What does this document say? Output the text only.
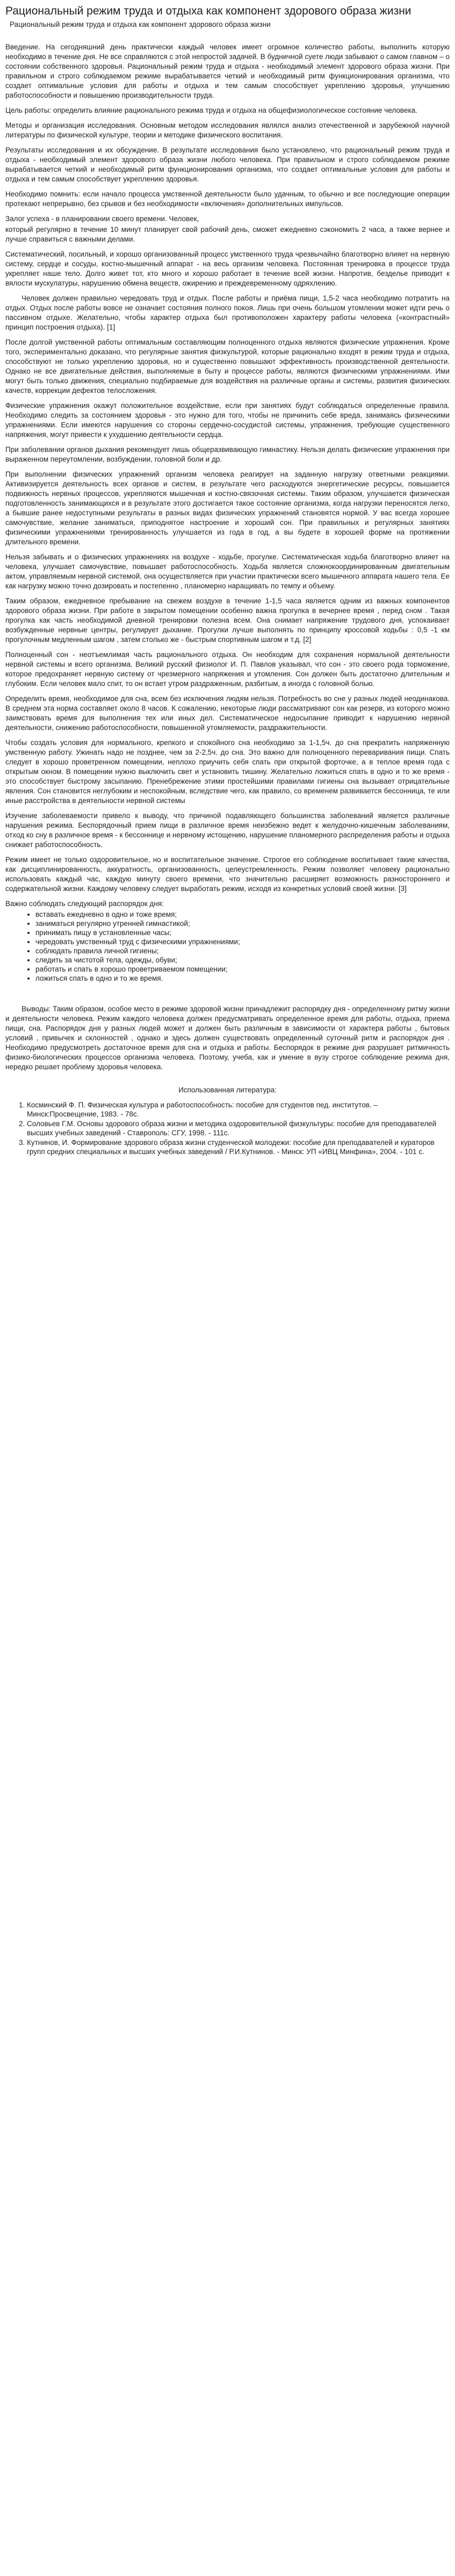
Рациональный режим труда и отдыха как компонент здорового образа жизни
Рациональный режим труда и отдыха как компонент здорового образа жизни

Введение. На сегодняшний день практически каждый человек имеет огромное количество работы, выполнить которую необходимо в течение дня. Не все справляются с этой непростой задачей. В будничной суете люди забывают о самом главном – о состоянии собственного здоровья. Рациональный режим труда и отдыха - необходимый элемент здорового образа жизни. При правильном и строго соблюдаемом режиме вырабатывается четкий и необходимый ритм функционирования организма, что создает оптимальные условия для работы и отдыха и тем самым способствует укреплению здоровья, улучшению работоспособности и повышению производительности труда.

Цель работы: определить влияние рационального режима труда и отдыха на общефизиологическое состояние человека.

Методы и организация исследования. Основным методом исследования являлся анализ отечественной и зарубежной научной литературы по физической культуре, теории и методике физического воспитания.

Результаты исследования и их обсуждение. В результате исследования было установлено, что рациональный режим труда и отдыха - необходимый элемент здорового образа жизни любого человека. При правильном и строго соблюдаемом режиме вырабатывается четкий и необходимый ритм функционирования организма, что создает оптимальные условия для работы и отдыха и тем самым способствует укреплению здоровья.

Необходимо помнить: если начало процесса умственной деятельности было удачным, то обычно и все последующие операции протекают непрерывно, без срывов и без необходимости «включения» дополнительных импульсов.

Залог успеха - в планировании своего времени. Человек,

который регулярно в течение 10 минут планирует свой рабочий день, сможет ежедневно сэкономить 2 часа, а также вернее и лучше справиться с важными делами.

Систематический, посильный, и хорошо организованный процесс умственного труда чрезвычайно благотворно влияет на нервную систему, сердце и сосуды, костно-мышечный аппарат - на весь организм человека. Постоянная тренировка в процессе труда укрепляет наше тело. Долго живет тот, кто много и хорошо работает в течение всей жизни. Напротив, безделье приводит к вялости мускулатуры, нарушению обмена веществ, ожирению и преждевременному одряхлению.

Человек должен правильно чередовать труд и отдых. После работы и приёма пищи, 1,5-2 часа необходимо потратить на отдых. Отдых после работы вовсе не означает состояния полного покоя. Лишь при очень большом утомлении может идти речь о пассивном отдыхе. Желательно, чтобы характер отдыха был противоположен характеру работы человека («контрастный» принцип построения отдыха). [1]

После долгой умственной работы оптимальным составляющим полноценного отдыха являются физические упражнения. Кроме того, экспериментально доказано, что регулярные занятия физкультурой, которые рационально входят в режим труда и отдыха, способствуют не только укреплению здоровья, но и существенно повышают эффективность производственной деятельности. Однако не все двигательные действия, выполняемые в быту и процессе работы, являются физическими упражнениями. Ими могут быть только движения, специально подбираемые для воздействия на различные органы и системы, развития физических качеств, коррекции дефектов телосложения.

Физические упражнения окажут положительное воздействие, если при занятиях будут соблюдаться определенные правила. Необходимо следить за состоянием здоровья - это нужно для того, чтобы не причинить себе вреда, занимаясь физическими упражнениями. Если имеются нарушения со стороны сердечно-сосудистой системы, упражнения, требующие существенного напряжения, могут привести к ухудшению деятельности сердца.

При заболевании органов дыхания рекомендует лишь общеразвивающую гимнастику. Нельзя делать физические упражнения при выраженном переутомлении, возбуждении, головной боли и др.

При выполнении физических упражнений организм человека реагирует на заданную нагрузку ответными реакциями. Активизируется деятельность всех органов и систем, в результате чего расходуются энергетические ресурсы, повышается подвижность нервных процессов, укрепляются мышечная и костно-связочная системы. Таким образом, улучшается физическая подготовленность занимающихся и в результате этого достигается такое состояние организма, когда нагрузки переносятся легко, а бывшие ранее недоступными результаты в разных видах физических упражнений становятся нормой. У вас всегда хорошее самочувствие, желание заниматься, приподнятое настроение и хороший сон. При правильных и регулярных занятиях физическими упражнениями тренированность улучшается из года в год, а вы будете в хорошей форме на протяжении длительного времени.

Нельзя забывать и о физических упражнениях на воздухе - ходьбе, прогулке. Систематическая ходьба благотворно влияет на человека, улучшает самочувствие, повышает работоспособность. Ходьба является сложнокоординированным двигательным актом, управляемым нервной системой, она осуществляется при участии практически всего мышечного аппарата нашего тела. Ее как нагрузку можно точно дозировать и постепенно , планомерно наращивать по темпу и объему.

Таким образом, ежедневное пребывание на свежем воздухе в течение 1-1,5 часа является одним из важных компонентов здорового образа жизни. При работе в закрытом помещении особенно важна прогулка в вечернее время , перед сном . Такая прогулка как часть необходимой дневной тренировки полезна всем. Она снимает напряжение трудового дня, успокаивает возбужденные нервные центры, регулирует дыхание. Прогулки лучше выполнять по принципу кроссовой ходьбы : 0,5 -1 км прогулочным медленным шагом , затем столько же - быстрым спортивным шагом и т.д. [2]

Полноценный сон - неотъемлимая часть рационального отдыха. Он необходим для сохранения нормальной деятельности нервной системы и всего организма. Великий русский физиолог И. П. Павлов указывал, что сон - это своего рода торможение, которое предохраняет нервную систему от чрезмерного напряжения и утомления. Сон должен быть достаточно длительным и глубоким. Если человек мало спит, то он встает утром раздраженным, разбитым, а иногда с головной болью.

Определить время, необходимое для сна, всем без исключения людям нельзя. Потребность во сне у разных людей неодинакова. В среднем эта норма составляет около 8 часов. К сожалению, некоторые люди рассматривают сон как резерв, из которого можно заимствовать время для выполнения тех или иных дел. Систематическое недосыпание приводит к нарушению нервной деятельности, снижению работоспособности, повышенной утомляемости, раздражительности.

Чтобы создать условия для нормального, крепкого и спокойного сна необходимо за 1-1,5ч. до сна прекратить напряженную умственную работу. Ужинать надо не позднее, чем за 2-2,5ч. до сна. Это важно для полноценного переваривания пищи. Спать следует в хорошо проветренном помещении, неплохо приучить себя спать при открытой форточке, а в теплое время года с открытым окном. В помещении нужно выключить свет и установить тишину. Желательно ложиться спать в одно и то же время - это способствует быстрому засыпанию. Пренебрежение этими простейшими правилами гигиены сна вызывает отрицательные явления. Сон становится неглубоким и неспокойным, вследствие чего, как правило, со временем развивается бессонница, те или иные расстройства в деятельности нервной системы

Изучение заболеваемости привело к выводу, что причиной подавляющего большинства заболеваний является различные нарушения режима. Беспорядочный прием пищи в различное время неизбежно ведет к желудочно-кишечным заболеваниям, отход ко сну в различное время - к бессоннице и нервному истощению, нарушение планомерного распределения работы и отдыха снижает работоспособность.

Режим имеет не только оздоровительное, но и воспитательное значение. Строгое его соблюдение воспитывает такие качества, как дисциплинированность, аккуратность, организованность, целеустремленность. Режим позволяет человеку рационально использовать каждый час, каждую минуту своего времени, что значительно расширяет возможность разностороннего и содержательной жизни. Каждому человеку следует выработать режим, исходя из конкретных условий своей жизни. [3]

Важно соблюдать следующий распорядок дня:

• вставать ежедневно в одно и тоже время;
• заниматься регулярно утренней гимнастикой;
• принимать пищу в установленные часы;
• чередовать умственный труд с физическими упражнениями;
• соблюдать правила личной гигиены;
• следить за чистотой тела, одежды, обуви;
• работать и спать в хорошо проветриваемом помещении;
• ложиться спать в одно и то же время.

Выводы: Таким образом, особое место в режиме здоровой жизни принадлежит распорядку дня - определенному ритму жизни и деятельности человека. Режим каждого человека должен предусматривать определенное время для работы, отдыха, приема пищи, сна. Распорядок дня у разных людей может и должен быть различным в зависимости от характера работы , бытовых условий , привычек и склонностей , однако и здесь должен существовать определенный суточный ритм и распорядок дня . Необходимо предусмотреть достаточное время для сна и отдыха и работы. Беспорядок в режиме дня разрушает ритмичность физико-биологических процессов организма человека. Поэтому, учеба, как и умение в вузу строгое соблюдение режима дня, нередко решает проблему здоровья человека.

Использованная литература:
1. Косминский Ф. П. Физическая культура и работоспособность: пособие для студентов пед. институтов. – Минск:Просвещение, 1983. - 78с.
2. Соловьев Г.М. Основы здорового образа жизни и методика оздоровительной физкультуры: пособие для преподавателей высших учебных заведений - Ставрополь: СГУ, 1998. - 111с.
3. Кутнинов, И. Формирование здорового образа жизни студенческой молодежи: пособие для преподавателей и кураторов групп средних специальных и высших учебных заведений / Р.И.Кутнинов. - Минск: УП «ИВЦ Минфина», 2004. - 101 с.
